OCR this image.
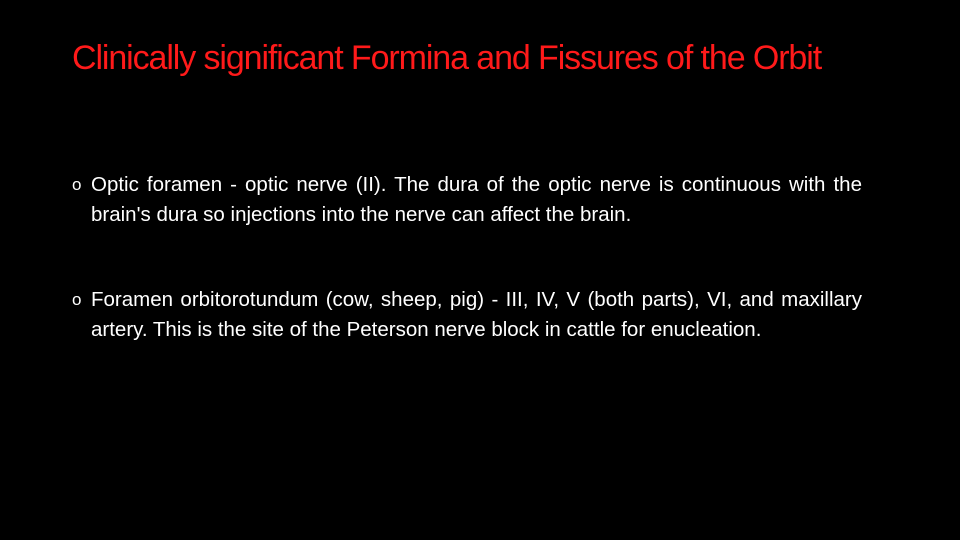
Clinically significant Formina and Fissures of the Orbit
o Optic foramen - optic nerve (II). The dura of the optic nerve is continuous with the brain's dura so injections into the nerve can affect the brain.
o Foramen orbitorotundum (cow, sheep, pig) - III, IV, V (both parts), VI, and maxillary artery. This is the site of the Peterson nerve block in cattle for enucleation.
